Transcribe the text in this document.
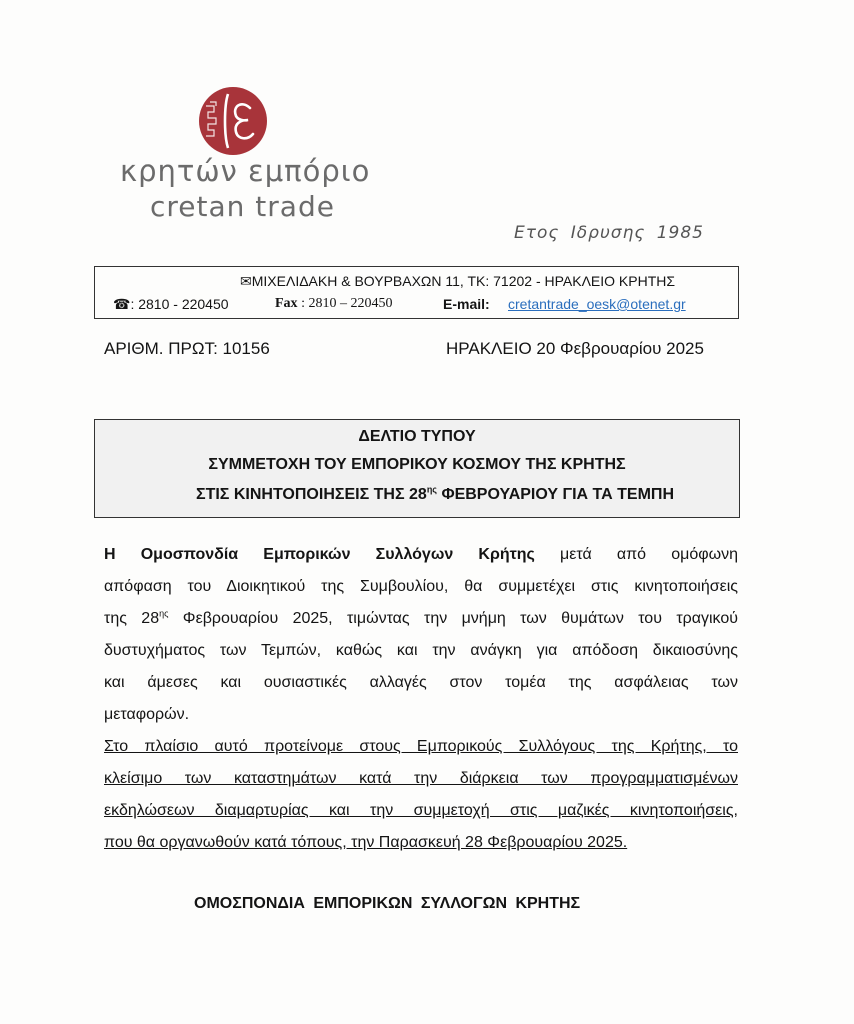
κρητών εμπόριο
cretan trade
Ετος Ιδρυσης 1985
✉ΜΙΧΕΛΙΔΑΚΗ & ΒΟΥΡΒΑΧΩΝ 11, ΤΚ: 71202 - ΗΡΑΚΛΕΙΟ ΚΡΗΤΗΣ
☎: 2810 - 220450	Fax : 2810 – 220450	E-mail: cretantrade_oesk@otenet.gr
ΑΡΙΘΜ. ΠΡΩΤ: 10156	ΗΡΑΚΛΕΙΟ 20 Φεβρουαρίου 2025
ΔΕΛΤΙΟ ΤΥΠΟΥ
ΣΥΜΜΕΤΟΧΗ ΤΟΥ ΕΜΠΟΡΙΚΟΥ ΚΟΣΜΟΥ ΤΗΣ ΚΡΗΤΗΣ
ΣΤΙΣ ΚΙΝΗΤΟΠΟΙΗΣΕΙΣ ΤΗΣ $28^{\eta\varsigma}$ ΦΕΒΡΟΥΑΡΙΟΥ ΓΙΑ ΤΑ ΤΕΜΠΗ
Η Ομοσπονδία Εμπορικών Συλλόγων Κρήτης μετά από ομόφωνη
απόφαση του Διοικητικού της Συμβουλίου, θα συμμετέχει στις κινητοποιήσεις
της $28^{\eta\varsigma}$ Φεβρουαρίου 2025, τιμώντας την μνήμη των θυμάτων του τραγικού
δυστυχήματος των Τεμπών, καθώς και την ανάγκη για απόδοση δικαιοσύνης
και άμεσες και ουσιαστικές αλλαγές στον τομέα της ασφάλειας των
μεταφορών.
Στο πλαίσιο αυτό προτείνομε στους Εμπορικούς Συλλόγους της Κρήτης, το
κλείσιμο των καταστημάτων κατά την διάρκεια των προγραμματισμένων
εκδηλώσεων διαμαρτυρίας και την συμμετοχή στις μαζικές κινητοποιήσεις,
που θα οργανωθούν κατά τόπους, την Παρασκευή 28 Φεβρουαρίου 2025.
ΟΜΟΣΠΟΝΔΙΑ ΕΜΠΟΡΙΚΩΝ ΣΥΛΛΟΓΩΝ ΚΡΗΤΗΣ
